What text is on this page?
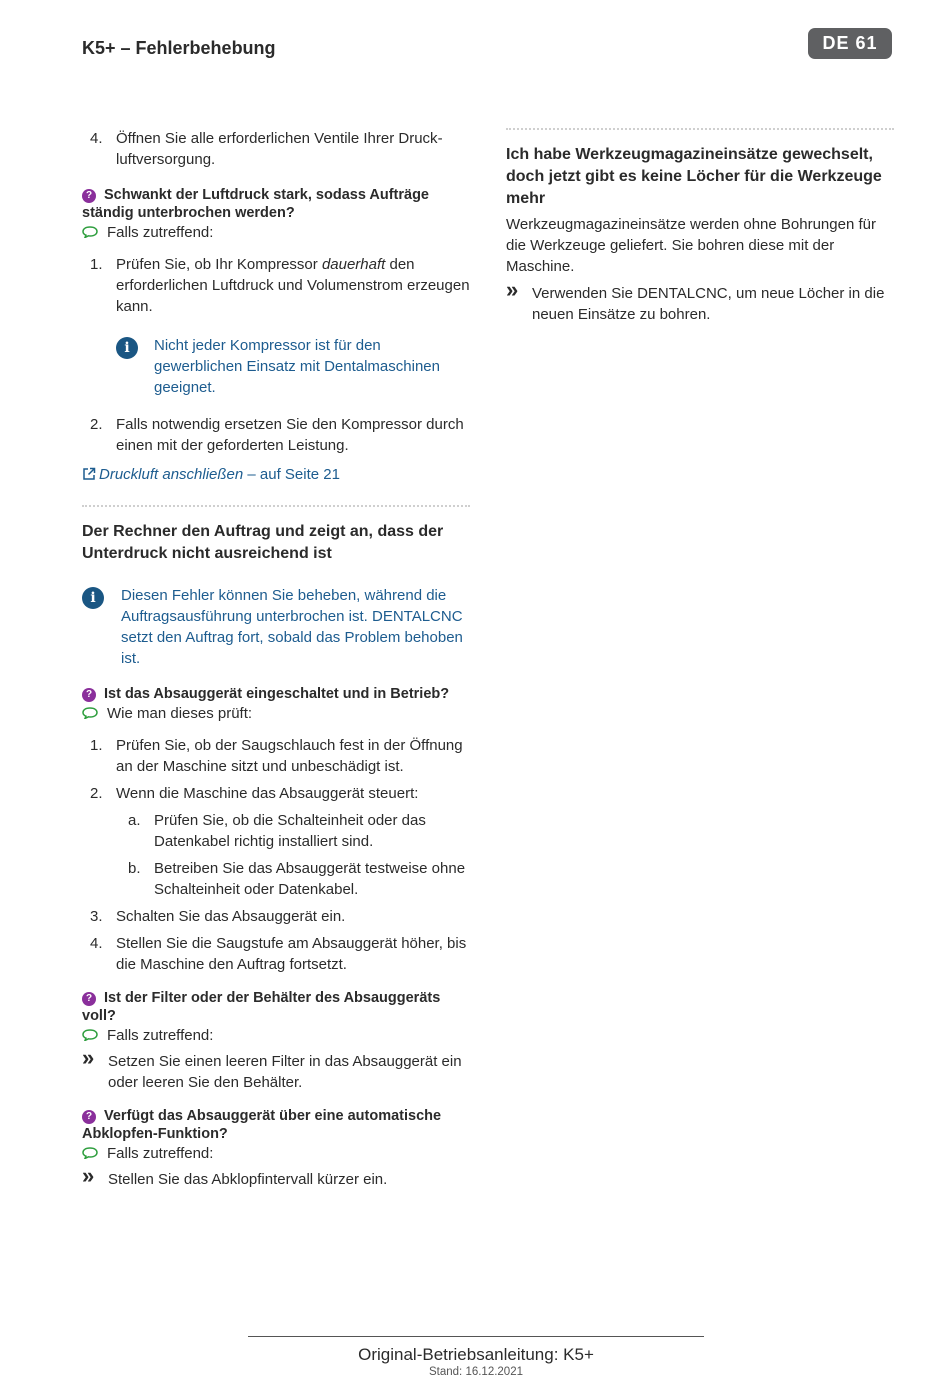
K5+ – Fehlerbehebung	DE 61
4. Öffnen Sie alle erforderlichen Ventile Ihrer Druckluftversorgung.
? Schwankt der Luftdruck stark, sodass Aufträge ständig unterbrochen werden?
Falls zutreffend:
1. Prüfen Sie, ob Ihr Kompressor dauerhaft den erforderlichen Luftdruck und Volumenstrom erzeugen kann.
i	Nicht jeder Kompressor ist für den gewerblichen Einsatz mit Dentalmaschinen geeignet.
2. Falls notwendig ersetzen Sie den Kompressor durch einen mit der geforderten Leistung.
Druckluft anschließen – auf Seite 21
Der Rechner den Auftrag und zeigt an, dass der Unterdruck nicht ausreichend ist
i	Diesen Fehler können Sie beheben, während die Auftragsausführung unterbrochen ist. DENTALCNC setzt den Auftrag fort, sobald das Problem behoben ist.
? Ist das Absauggerät eingeschaltet und in Betrieb?
Wie man dieses prüft:
1. Prüfen Sie, ob der Saugschlauch fest in der Öffnung an der Maschine sitzt und unbeschädigt ist.
2. Wenn die Maschine das Absauggerät steuert:
a. Prüfen Sie, ob die Schalteinheit oder das Datenkabel richtig installiert sind.
b. Betreiben Sie das Absauggerät testweise ohne Schalteinheit oder Datenkabel.
3. Schalten Sie das Absauggerät ein.
4. Stellen Sie die Saugstufe am Absauggerät höher, bis die Maschine den Auftrag fortsetzt.
? Ist der Filter oder der Behälter des Absauggeräts voll?
Falls zutreffend:
» Setzen Sie einen leeren Filter in das Absauggerät ein oder leeren Sie den Behälter.
? Verfügt das Absauggerät über eine automatische Abklopfen-Funktion?
Falls zutreffend:
» Stellen Sie das Abklopfintervall kürzer ein.
Ich habe Werkzeugmagazineinsätze gewechselt, doch jetzt gibt es keine Löcher für die Werkzeuge mehr
Werkzeugmagazineinsätze werden ohne Bohrungen für die Werkzeuge geliefert. Sie bohren diese mit der Maschine.
» Verwenden Sie DENTALCNC, um neue Löcher in die neuen Einsätze zu bohren.
Original-Betriebsanleitung: K5+
Stand: 16.12.2021
